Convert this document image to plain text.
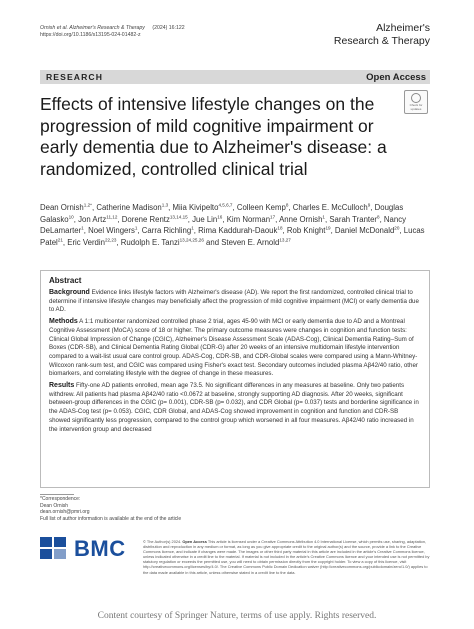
Ornish et al. Alzheimer's Research & Therapy (2024) 16:122
https://doi.org/10.1186/s13195-024-01482-z
Alzheimer's
Research & Therapy
RESEARCH	Open Access
Effects of intensive lifestyle changes on the progression of mild cognitive impairment or early dementia due to Alzheimer's disease: a randomized, controlled clinical trial
Check for updates
Dean Ornish$^{1,2*}$, Catherine Madison$^{1,3}$, Miia Kivipelto$^{4,5,6,7}$, Colleen Kemp$^8$, Charles E. McCulloch$^9$, Douglas Galasko$^{10}$, Jon Artz$^{11,12}$, Dorene Rentz$^{13,14,15}$, Jue Lin$^{16}$, Kim Norman$^{17}$, Anne Ornish$^1$, Sarah Tranter$^8$, Nancy DeLamarter$^1$, Noel Wingers$^1$, Carra Richling$^1$, Rima Kaddurah-Daouk$^{18}$, Rob Knight$^{19}$, Daniel McDonald$^{20}$, Lucas Patel$^{21}$, Eric Verdin$^{22,23}$, Rudolph E. Tanzi$^{13,24,25,26}$ and Steven E. Arnold$^{13,27}$
Abstract

Background Evidence links lifestyle factors with Alzheimer's disease (AD). We report the first randomized, controlled clinical trial to determine if intensive lifestyle changes may beneficially affect the progression of mild cognitive impairment (MCI) or early dementia due to AD.

Methods A 1:1 multicenter randomized controlled phase 2 trial, ages 45-90 with MCI or early dementia due to AD and a Montreal Cognitive Assessment (MoCA) score of 18 or higher. The primary outcome measures were changes in cognition and function tests: Clinical Global Impression of Change (CGIC), Alzheimer's Disease Assessment Scale (ADAS-Cog), Clinical Dementia Rating–Sum of Boxes (CDR-SB), and Clinical Dementia Rating Global (CDR-G) after 20 weeks of an intensive multidomain lifestyle intervention compared to a wait-list usual care control group. ADAS-Cog, CDR-SB, and CDR-Global scales were compared using a Mann-Whitney-Wilcoxon rank-sum test, and CGIC was compared using Fisher's exact test. Secondary outcomes included plasma Aβ42/40 ratio, other biomarkers, and correlating lifestyle with the degree of change in these measures.

Results Fifty-one AD patients enrolled, mean age 73.5. No significant differences in any measures at baseline. Only two patients withdrew. All patients had plasma Aβ42/40 ratio <0.0672 at baseline, strongly supporting AD diagnosis. After 20 weeks, significant between-group differences in the CGIC (p= 0.001), CDR-SB (p= 0.032), and CDR Global (p= 0.037) tests and borderline significance in the ADAS-Cog test (p= 0.053). CGIC, CDR Global, and ADAS-Cog showed improvement in cognition and function and CDR-SB showed significantly less progression, compared to the control group which worsened in all four measures. Aβ42/40 ratio increased in the intervention group and decreased

*Correspondence:
Dean Ornish
dean.ornish@pmri.org
Full list of author information is available at the end of the article
BMC	© The Author(s) 2024. Open Access This article is licensed under a Creative Commons Attribution 4.0 International License, which permits use, sharing, adaptation, distribution and reproduction in any medium or format, as long as you give appropriate credit to the original author(s) and the source, provide a link to the Creative Commons licence, and indicate if changes were made. The images or other third party material in this article are included in the article's Creative Commons licence, unless indicated otherwise in a credit line to the material. If material is not included in the article's Creative Commons licence and your intended use is not permitted by statutory regulation or exceeds the permitted use, you will need to obtain permission directly from the copyright holder. To view a copy of this licence, visit http://creativecommons.org/licenses/by/4.0/. The Creative Commons Public Domain Dedication waiver (http://creativecommons.org/publicdomain/zero/1.0/) applies to the data made available in this article, unless otherwise stated in a credit line to the data.
Content courtesy of Springer Nature, terms of use apply. Rights reserved.
